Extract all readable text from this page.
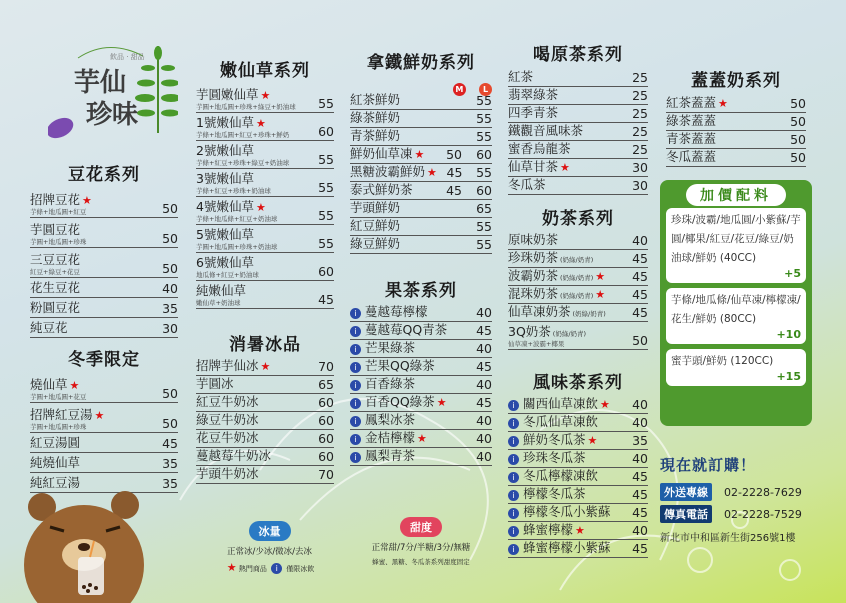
飲品 · 甜品
芋仙
珍味
豆花系列
招牌豆花 ★
芋條+地瓜圓+紅豆	50
芋圓豆花
芋圓+地瓜圓+珍珠	50
三豆豆花
紅豆+綠豆+花豆	50
花生豆花	40
粉圓豆花	35
純豆花	30
冬季限定
燒仙草 ★
芋圓+地瓜圓+花豆	50
招牌紅豆湯 ★
芋圓+地瓜圓+珍珠	50
紅豆湯圓	45
純燒仙草	35
純紅豆湯	35
嫩仙草系列
芋圓嫩仙草 ★
芋圓+地瓜圓+珍珠+綠豆+奶油球	55
1號嫩仙草 ★
芋條+地瓜圓+紅豆+珍珠+鮮奶	60
2號嫩仙草
芋條+紅豆+珍珠+綠豆+奶油球	55
3號嫩仙草
芋條+紅豆+珍珠+奶油球	55
4號嫩仙草 ★
芋條+地瓜條+紅豆+奶油球	55
5號嫩仙草
芋圓+地瓜圓+珍珠+奶油球	55
6號嫩仙草
地瓜條+紅豆+奶油球	60
純嫩仙草
嫩仙草+奶油球	45
消暑冰品
招牌芋仙冰 ★	70
芋圓冰	65
紅豆牛奶冰	60
綠豆牛奶冰	60
花豆牛奶冰	60
蔓越莓牛奶冰	60
芋頭牛奶冰	70
冰量
正常冰/少冰/微冰/去冰
★ 熱門商品 i 僅限冰飲
拿鐵鮮奶系列
M L
紅茶鮮奶	55
綠茶鮮奶	55
青茶鮮奶	55
鮮奶仙草凍 ★	50	60
黑糖波霸鮮奶 ★ 45	55
泰式鮮奶茶	45	60
芋頭鮮奶	65
紅豆鮮奶	55
綠豆鮮奶	55
果茶系列
i 蔓越莓檸檬	40
i 蔓越莓QQ青茶	45
i 芒果綠茶	40
i 芒果QQ綠茶	45
i 百香綠茶	40
i 百香QQ綠茶 ★	45
i 鳳梨冰茶	40
i 金桔檸檬 ★	40
i 鳳梨青茶	40
甜度
正常甜/7分/半糖/3分/無糖
蜂蜜、黑糖、冬瓜茶系列甜度固定
喝原茶系列
紅茶	25
翡翠綠茶	25
四季青茶	25
鐵觀音風味茶	25
蜜香烏龍茶	25
仙草甘茶 ★	30
冬瓜茶	30
奶茶系列
原味奶茶	40
珍珠奶茶 (奶綠/奶青)	45
波霸奶茶 (奶綠/奶青) ★	45
混珠奶茶 (奶綠/奶青) ★	45
仙草凍奶茶 (奶綠/奶青)	45
3Q奶茶 (奶綠/奶青)
仙草凍+波霸+椰果	50
風味茶系列
i 關西仙草凍飲 ★	40
i 冬瓜仙草凍飲	40
i 鮮奶冬瓜茶 ★	35
i 珍珠冬瓜茶	40
i 冬瓜檸檬凍飲	45
i 檸檬冬瓜茶	45
i 檸檬冬瓜小紫蘇	45
i 蜂蜜檸檬 ★	40
i 蜂蜜檸檬小紫蘇	45
蓋蓋奶系列
紅茶蓋蓋 ★	50
綠茶蓋蓋	50
青茶蓋蓋	50
冬瓜蓋蓋	50
珍珠/波霸/地瓜圓/小紫蘇/芋圓/椰果/紅豆/花豆/綠豆/奶油球/鮮奶 (40CC)
+5
芋條/地瓜條/仙草凍/檸檬凍/花生/鮮奶 (80CC)
+10
蜜芋頭/鮮奶 (120CC)
+15
加價配料
現在就訂購！
外送專線	02-2228-7629
傳真電話	02-2228-7529
新北市中和區新生街256號1樓
